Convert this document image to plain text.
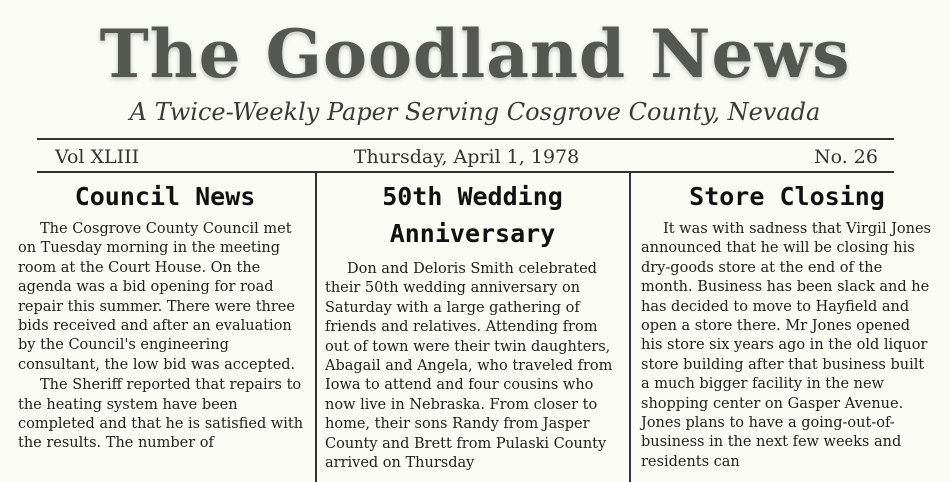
The Goodland News
A Twice-Weekly Paper Serving Cosgrove County, Nevada
Vol XLIII	Thursday, April 1, 1978	No. 26
Council News

The Cosgrove County Council met on Tuesday morning in the meeting room at the Court House. On the agenda was a bid opening for road repair this summer. There were three bids received and after an evaluation by the Council's engineering consultant, the low bid was accepted.

The Sheriff reported that repairs to the heating system have been completed and that he is satisfied with the results. The number of

50th Wedding Anniversary

Don and Deloris Smith celebrated their 50th wedding anniversary on Saturday with a large gathering of friends and relatives. Attending from out of town were their twin daughters, Abagail and Angela, who traveled from Iowa to attend and four cousins who now live in Nebraska. From closer to home, their sons Randy from Jasper County and Brett from Pulaski County arrived on Thursday

Store Closing

It was with sadness that Virgil Jones announced that he will be closing his dry-goods store at the end of the month. Business has been slack and he has decided to move to Hayfield and open a store there. Mr Jones opened his store six years ago in the old liquor store building after that business built a much bigger facility in the new shopping center on Gasper Avenue. Jones plans to have a going-out-of-business in the next few weeks and residents can
